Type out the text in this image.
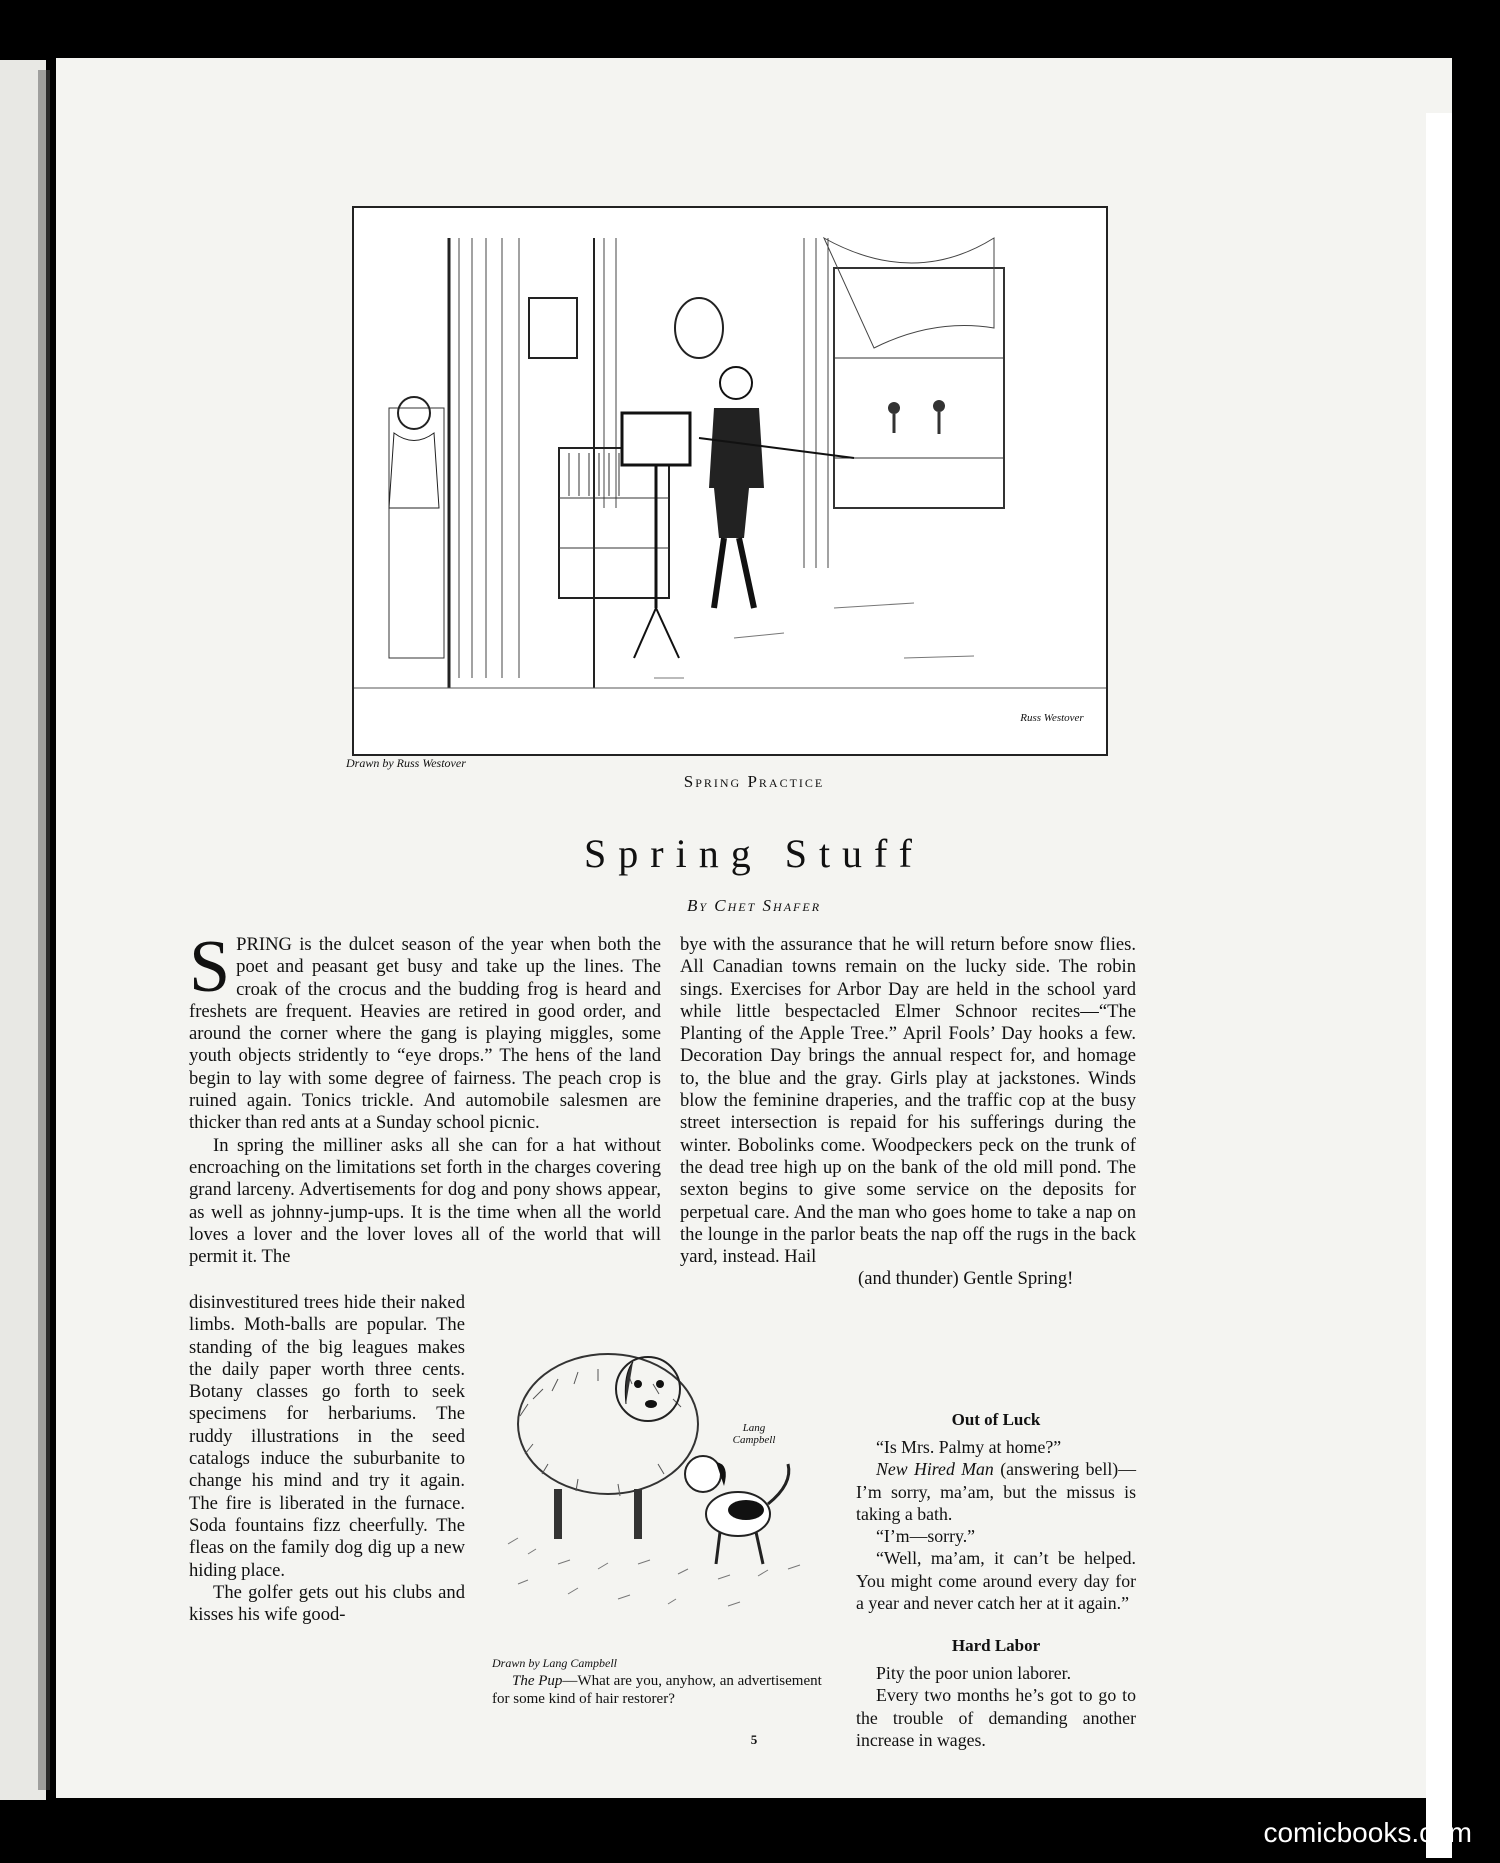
Russ Westover
Drawn by Russ Westover
Spring Practice
Spring Stuff
By Chet Shafer

SPRING is the dulcet season of the year when both the poet and peasant get busy and take up the lines. The croak of the crocus and the budding frog is heard and freshets are frequent. Heavies are retired in good order, and around the corner where the gang is playing miggles, some youth objects stridently to “eye drops.” The hens of the land begin to lay with some degree of fairness. The peach crop is ruined again. Tonics trickle. And automobile salesmen are thicker than red ants at a Sunday school picnic.

In spring the milliner asks all she can for a hat without encroaching on the limitations set forth in the charges covering grand larceny. Advertisements for dog and pony shows appear, as well as johnny-jump-ups. It is the time when all the world loves a lover and the lover loves all of the world that will permit it. The

disinvestitured trees hide their naked limbs. Moth-balls are popular. The standing of the big leagues makes the daily paper worth three cents. Botany classes go forth to seek specimens for herbariums. The ruddy illustrations in the seed catalogs induce the suburbanite to change his mind and try it again. The fire is liberated in the furnace. Soda fountains fizz cheerfully. The fleas on the family dog dig up a new hiding place.

The golfer gets out his clubs and kisses his wife good-

bye with the assurance that he will return before snow flies. All Canadian towns remain on the lucky side. The robin sings. Exercises for Arbor Day are held in the school yard while little bespectacled Elmer Schnoor recites—“The Planting of the Apple Tree.” April Fools’ Day hooks a few. Decoration Day brings the annual respect for, and homage to, the blue and the gray. Girls play at jackstones. Winds blow the feminine draperies, and the traffic cop at the busy street intersection is repaid for his sufferings during the winter. Bobolinks come. Woodpeckers peck on the trunk of the dead tree high up on the bank of the old mill pond. The sexton begins to give some service on the deposits for perpetual care. And the man who goes home to take a nap on the lounge in the parlor beats the nap off the rugs in the back yard, instead. Hail

(and thunder) Gentle Spring!
Lang Campbell
Drawn by Lang Campbell
The Pup—What are you, anyhow, an advertisement for some kind of hair restorer?
Out of Luck

“Is Mrs. Palmy at home?”

New Hired Man (answering bell)—I’m sorry, ma’am, but the missus is taking a bath.

“I’m—sorry.”

“Well, ma’am, it can’t be helped. You might come around every day for a year and never catch her at it again.”

Hard Labor

Pity the poor union laborer.

Every two months he’s got to go to the trouble of demanding another increase in wages.

5
comicbooks.com
